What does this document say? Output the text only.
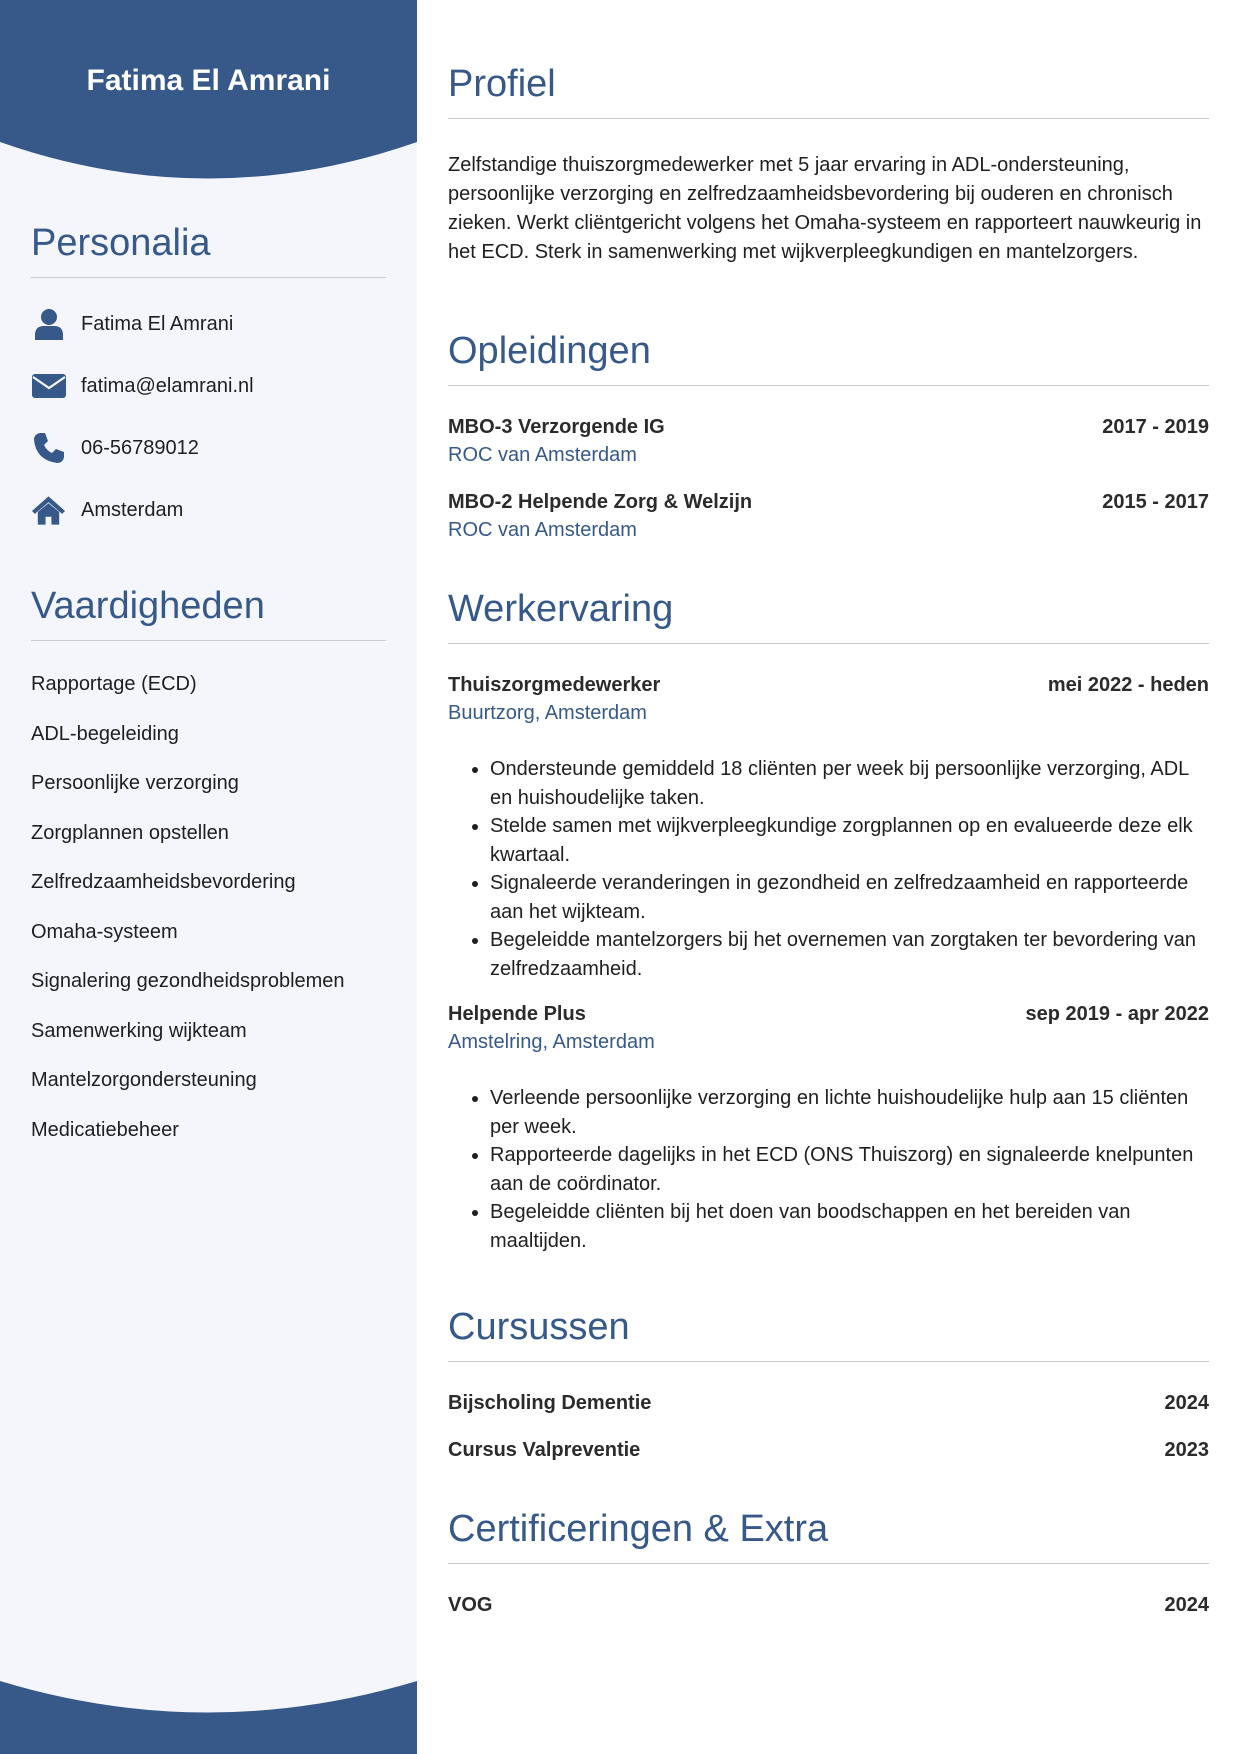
Fatima El Amrani
Personalia
Fatima El Amrani
fatima@elamrani.nl
06-56789012
Amsterdam
Vaardigheden
Rapportage (ECD)
ADL-begeleiding
Persoonlijke verzorging
Zorgplannen opstellen
Zelfredzaamheidsbevordering
Omaha-systeem
Signalering gezondheidsproblemen
Samenwerking wijkteam
Mantelzorgondersteuning
Medicatiebeheer
Profiel

Zelfstandige thuiszorgmedewerker met 5 jaar ervaring in ADL-ondersteuning, persoonlijke verzorging en zelfredzaamheidsbevordering bij ouderen en chronisch zieken. Werkt cliëntgericht volgens het Omaha-systeem en rapporteert nauwkeurig in het ECD. Sterk in samenwerking met wijkverpleegkundigen en mantelzorgers.

Opleidingen
MBO-3 Verzorgende IG	2017 - 2019
ROC van Amsterdam
MBO-2 Helpende Zorg & Welzijn	2015 - 2017
ROC van Amsterdam
Werkervaring
Thuiszorgmedewerker	mei 2022 - heden
Buurtzorg, Amsterdam
• Ondersteunde gemiddeld 18 cliënten per week bij persoonlijke verzorging, ADL en huishoudelijke taken.
• Stelde samen met wijkverpleegkundige zorgplannen op en evalueerde deze elk kwartaal.
• Signaleerde veranderingen in gezondheid en zelfredzaamheid en rapporteerde aan het wijkteam.
• Begeleidde mantelzorgers bij het overnemen van zorgtaken ter bevordering van zelfredzaamheid.
Helpende Plus	sep 2019 - apr 2022
Amstelring, Amsterdam
• Verleende persoonlijke verzorging en lichte huishoudelijke hulp aan 15 cliënten per week.
• Rapporteerde dagelijks in het ECD (ONS Thuiszorg) en signaleerde knelpunten aan de coördinator.
• Begeleidde cliënten bij het doen van boodschappen en het bereiden van maaltijden.
Cursussen
Bijscholing Dementie	2024
Cursus Valpreventie	2023
Certificeringen & Extra
VOG	2024
